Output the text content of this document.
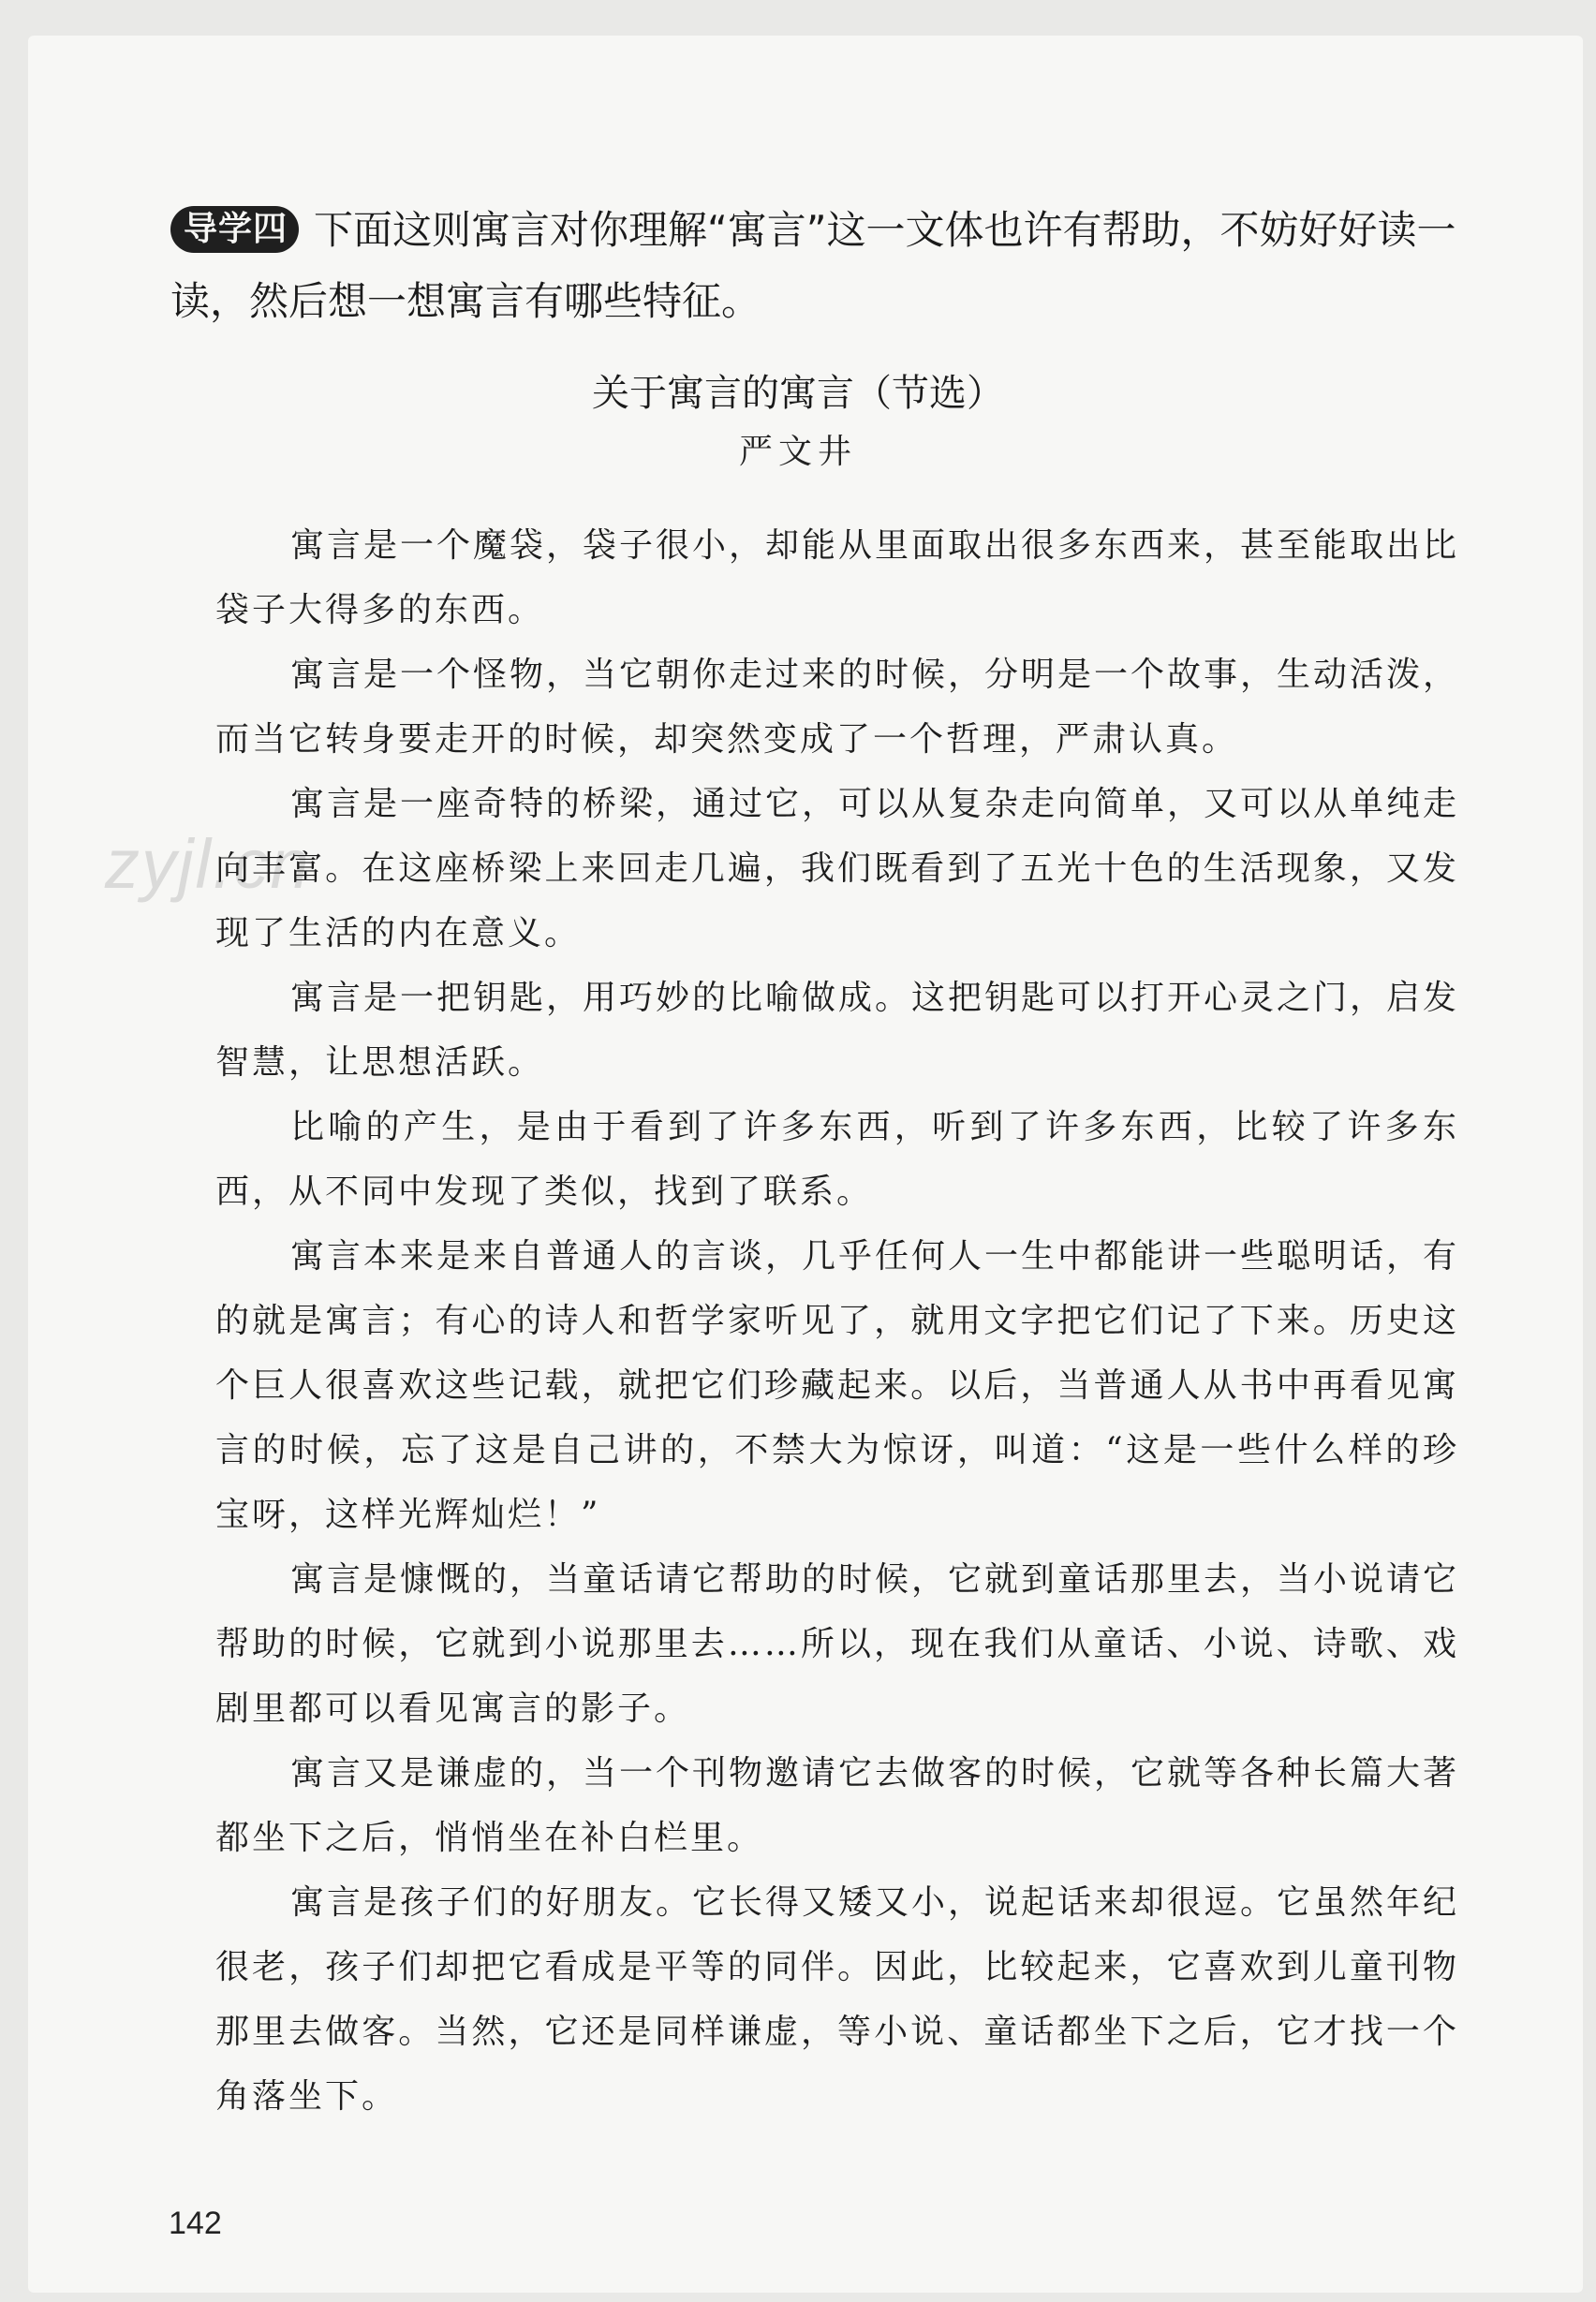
zyjl.cn
导学四 下面这则寓言对你理解“寓言”这一文体也许有帮助，不妨好好读一读，然后想一想寓言有哪些特征。
关于寓言的寓言（节选）
严文井

寓言是一个魔袋，袋子很小，却能从里面取出很多东西来，甚至能取出比袋子大得多的东西。

寓言是一个怪物，当它朝你走过来的时候，分明是一个故事，生动活泼，而当它转身要走开的时候，却突然变成了一个哲理，严肃认真。

寓言是一座奇特的桥梁，通过它，可以从复杂走向简单，又可以从单纯走向丰富。在这座桥梁上来回走几遍，我们既看到了五光十色的生活现象，又发现了生活的内在意义。

寓言是一把钥匙，用巧妙的比喻做成。这把钥匙可以打开心灵之门，启发智慧，让思想活跃。

比喻的产生，是由于看到了许多东西，听到了许多东西，比较了许多东西，从不同中发现了类似，找到了联系。

寓言本来是来自普通人的言谈，几乎任何人一生中都能讲一些聪明话，有的就是寓言；有心的诗人和哲学家听见了，就用文字把它们记了下来。历史这个巨人很喜欢这些记载，就把它们珍藏起来。以后，当普通人从书中再看见寓言的时候，忘了这是自己讲的，不禁大为惊讶，叫道：“这是一些什么样的珍宝呀，这样光辉灿烂！”

寓言是慷慨的，当童话请它帮助的时候，它就到童话那里去，当小说请它帮助的时候，它就到小说那里去……所以，现在我们从童话、小说、诗歌、戏剧里都可以看见寓言的影子。

寓言又是谦虚的，当一个刊物邀请它去做客的时候，它就等各种长篇大著都坐下之后，悄悄坐在补白栏里。

寓言是孩子们的好朋友。它长得又矮又小，说起话来却很逗。它虽然年纪很老，孩子们却把它看成是平等的同伴。因此，比较起来，它喜欢到儿童刊物那里去做客。当然，它还是同样谦虚，等小说、童话都坐下之后，它才找一个角落坐下。

142
